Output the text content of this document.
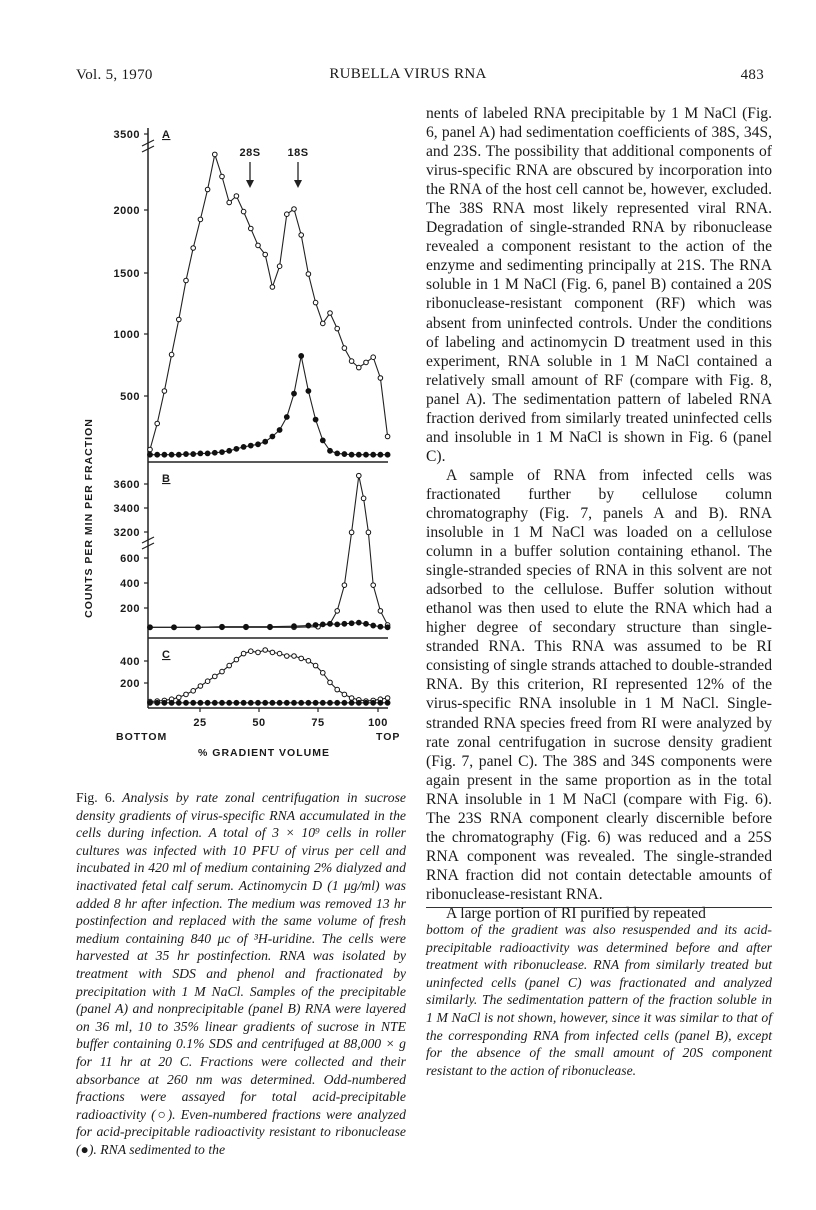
Vol. 5, 1970	RUBELLA VIRUS RNA	483
COUNTS PER MIN PER FRACTION
3500
2000
1500
1000
500
A
28S 18S
3600
3400
3200
600
400
200
B
400
200
C
25	50	75	100
BOTTOM	TOP
% GRADIENT VOLUME

nents of labeled RNA precipitable by 1 M NaCl (Fig. 6, panel A) had sedimentation coefficients of 38S, 34S, and 23S. The possibility that additional components of virus-specific RNA are obscured by incorporation into the RNA of the host cell cannot be, however, excluded. The 38S RNA most likely represented viral RNA. Degradation of single-stranded RNA by ribonuclease revealed a component resistant to the action of the enzyme and sedimenting principally at 21S. The RNA soluble in 1 M NaCl (Fig. 6, panel B) contained a 20S ribonuclease-resistant component (RF) which was absent from uninfected controls. Under the conditions of labeling and actinomycin D treatment used in this experiment, RNA soluble in 1 M NaCl contained a relatively small amount of RF (compare with Fig. 8, panel A). The sedimentation pattern of labeled RNA fraction derived from similarly treated uninfected cells and insoluble in 1 M NaCl is shown in Fig. 6 (panel C).

A sample of RNA from infected cells was fractionated further by cellulose column chromatography (Fig. 7, panels A and B). RNA insoluble in 1 M NaCl was loaded on a cellulose column in a buffer solution containing ethanol. The single-stranded species of RNA in this solvent are not adsorbed to the cellulose. Buffer solution without ethanol was then used to elute the RNA which had a higher degree of secondary structure than single-stranded RNA. This RNA was assumed to be RI consisting of single strands attached to double-stranded RNA. By this criterion, RI represented 12% of the virus-specific RNA insoluble in 1 M NaCl. Single-stranded RNA species freed from RI were analyzed by rate zonal centrifugation in sucrose density gradient (Fig. 7, panel C). The 38S and 34S components were again present in the same proportion as in the total RNA insoluble in 1 M NaCl (compare with Fig. 6). The 23S RNA component clearly discernible before the chromatography (Fig. 6) was reduced and a 25S RNA component was revealed. The single-stranded RNA fraction did not contain detectable amounts of ribonuclease-resistant RNA.

A large portion of RI purified by repeated

Fig. 6. Analysis by rate zonal centrifugation in sucrose density gradients of virus-specific RNA accumulated in the cells during infection. A total of 3 × 10⁹ cells in roller cultures was infected with 10 PFU of virus per cell and incubated in 420 ml of medium containing 2% dialyzed and inactivated fetal calf serum. Actinomycin D (1 μg/ml) was added 8 hr after infection. The medium was removed 13 hr postinfection and replaced with the same volume of fresh medium containing 840 μc of ³H-uridine. The cells were harvested at 35 hr postinfection. RNA was isolated by treatment with SDS and phenol and fractionated by precipitation with 1 M NaCl. Samples of the precipitable (panel A) and nonprecipitable (panel B) RNA were layered on 36 ml, 10 to 35% linear gradients of sucrose in NTE buffer containing 0.1% SDS and centrifuged at 88,000 × g for 11 hr at 20 C. Fractions were collected and their absorbance at 260 nm was determined. Odd-numbered fractions were assayed for total acid-precipitable radioactivity (○). Even-numbered fractions were analyzed for acid-precipitable radioactivity resistant to ribonuclease (●). RNA sedimented to the
bottom of the gradient was also resuspended and its acid-precipitable radioactivity was determined before and after treatment with ribonuclease. RNA from similarly treated but uninfected cells (panel C) was fractionated and analyzed similarly. The sedimentation pattern of the fraction soluble in 1 M NaCl is not shown, however, since it was similar to that of the corresponding RNA from infected cells (panel B), except for the absence of the small amount of 20S component resistant to the action of ribonuclease.
